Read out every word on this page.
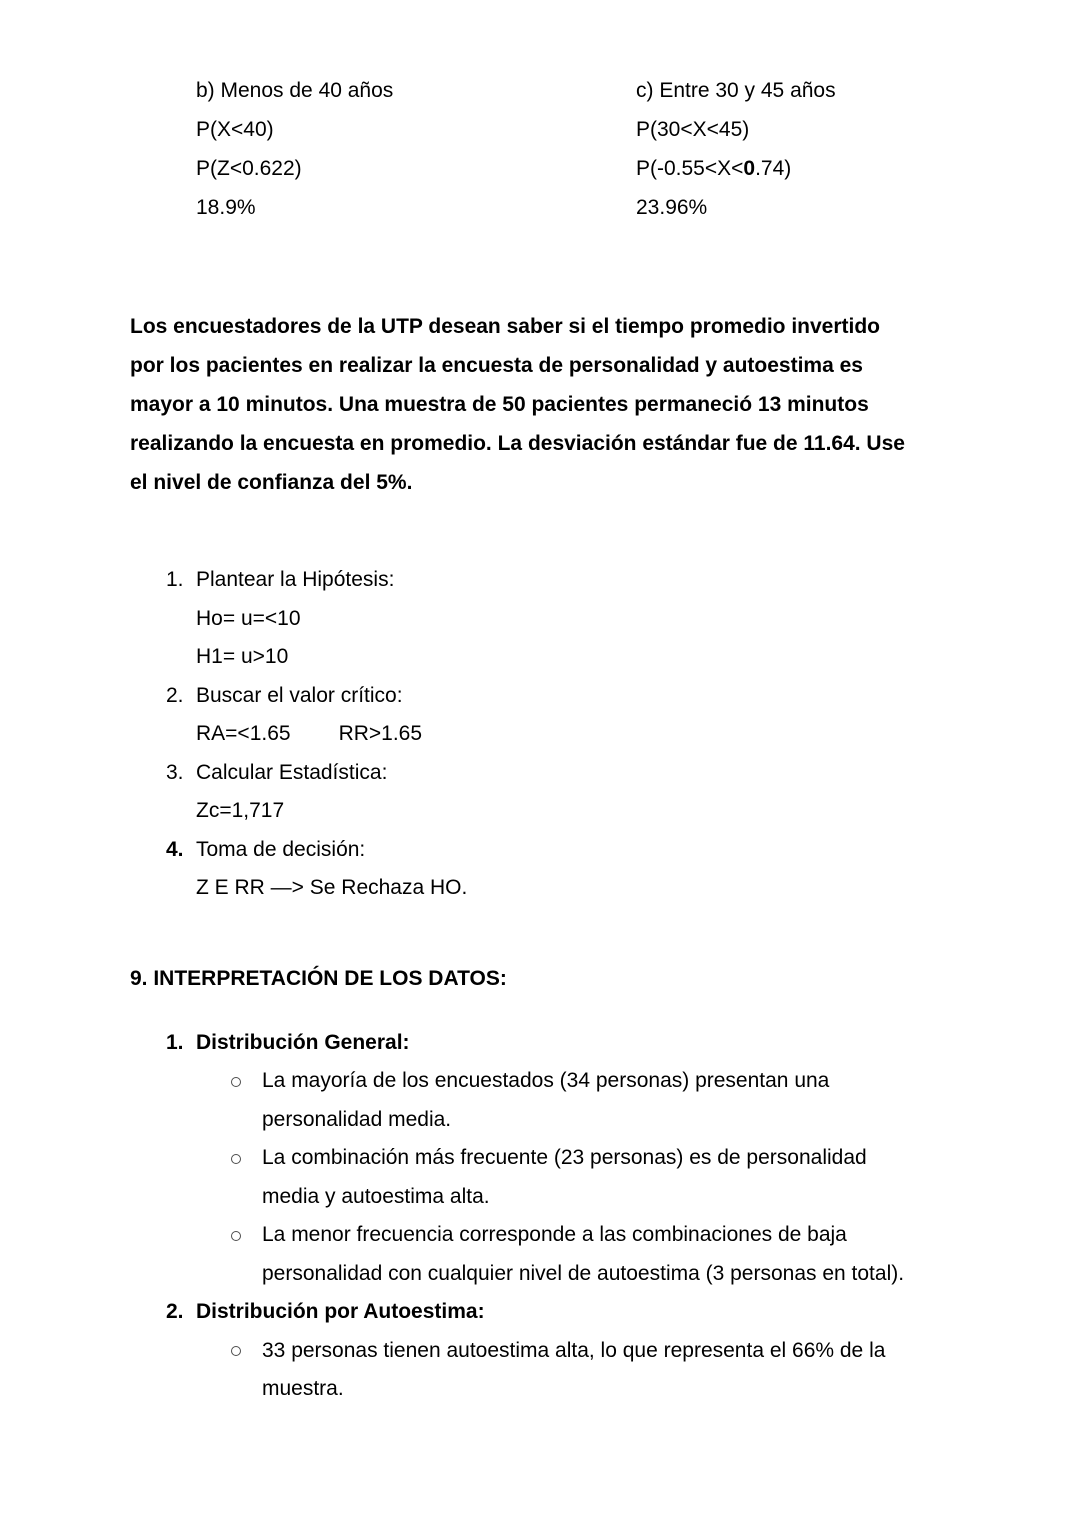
b) Menos de 40 años
P(X<40)
P(Z<0.622)
18.9%
c) Entre 30 y 45 años
P(30<X<45)
P(-0.55<X<0.74)
23.96%
Los encuestadores de la UTP desean saber si el tiempo promedio invertido
por los pacientes en realizar la encuesta de personalidad y autoestima es
mayor a 10 minutos. Una muestra de 50 pacientes permaneció 13 minutos
realizando la encuesta en promedio. La desviación estándar fue de 11.64. Use
el nivel de confianza del 5%.
1. Plantear la Hipótesis:
Ho= u=<10
H1= u>10
2. Buscar el valor crítico:
RA=<1.65 RR>1.65
3. Calcular Estadística:
Zc=1,717
4. Toma de decisión:
Z E RR —> Se Rechaza HO.
9. INTERPRETACIÓN DE LOS DATOS:
1. Distribución General:
La mayoría de los encuestados (34 personas) presentan una
personalidad media.
La combinación más frecuente (23 personas) es de personalidad
media y autoestima alta.
La menor frecuencia corresponde a las combinaciones de baja
personalidad con cualquier nivel de autoestima (3 personas en total).
2. Distribución por Autoestima:
33 personas tienen autoestima alta, lo que representa el 66% de la
muestra.
